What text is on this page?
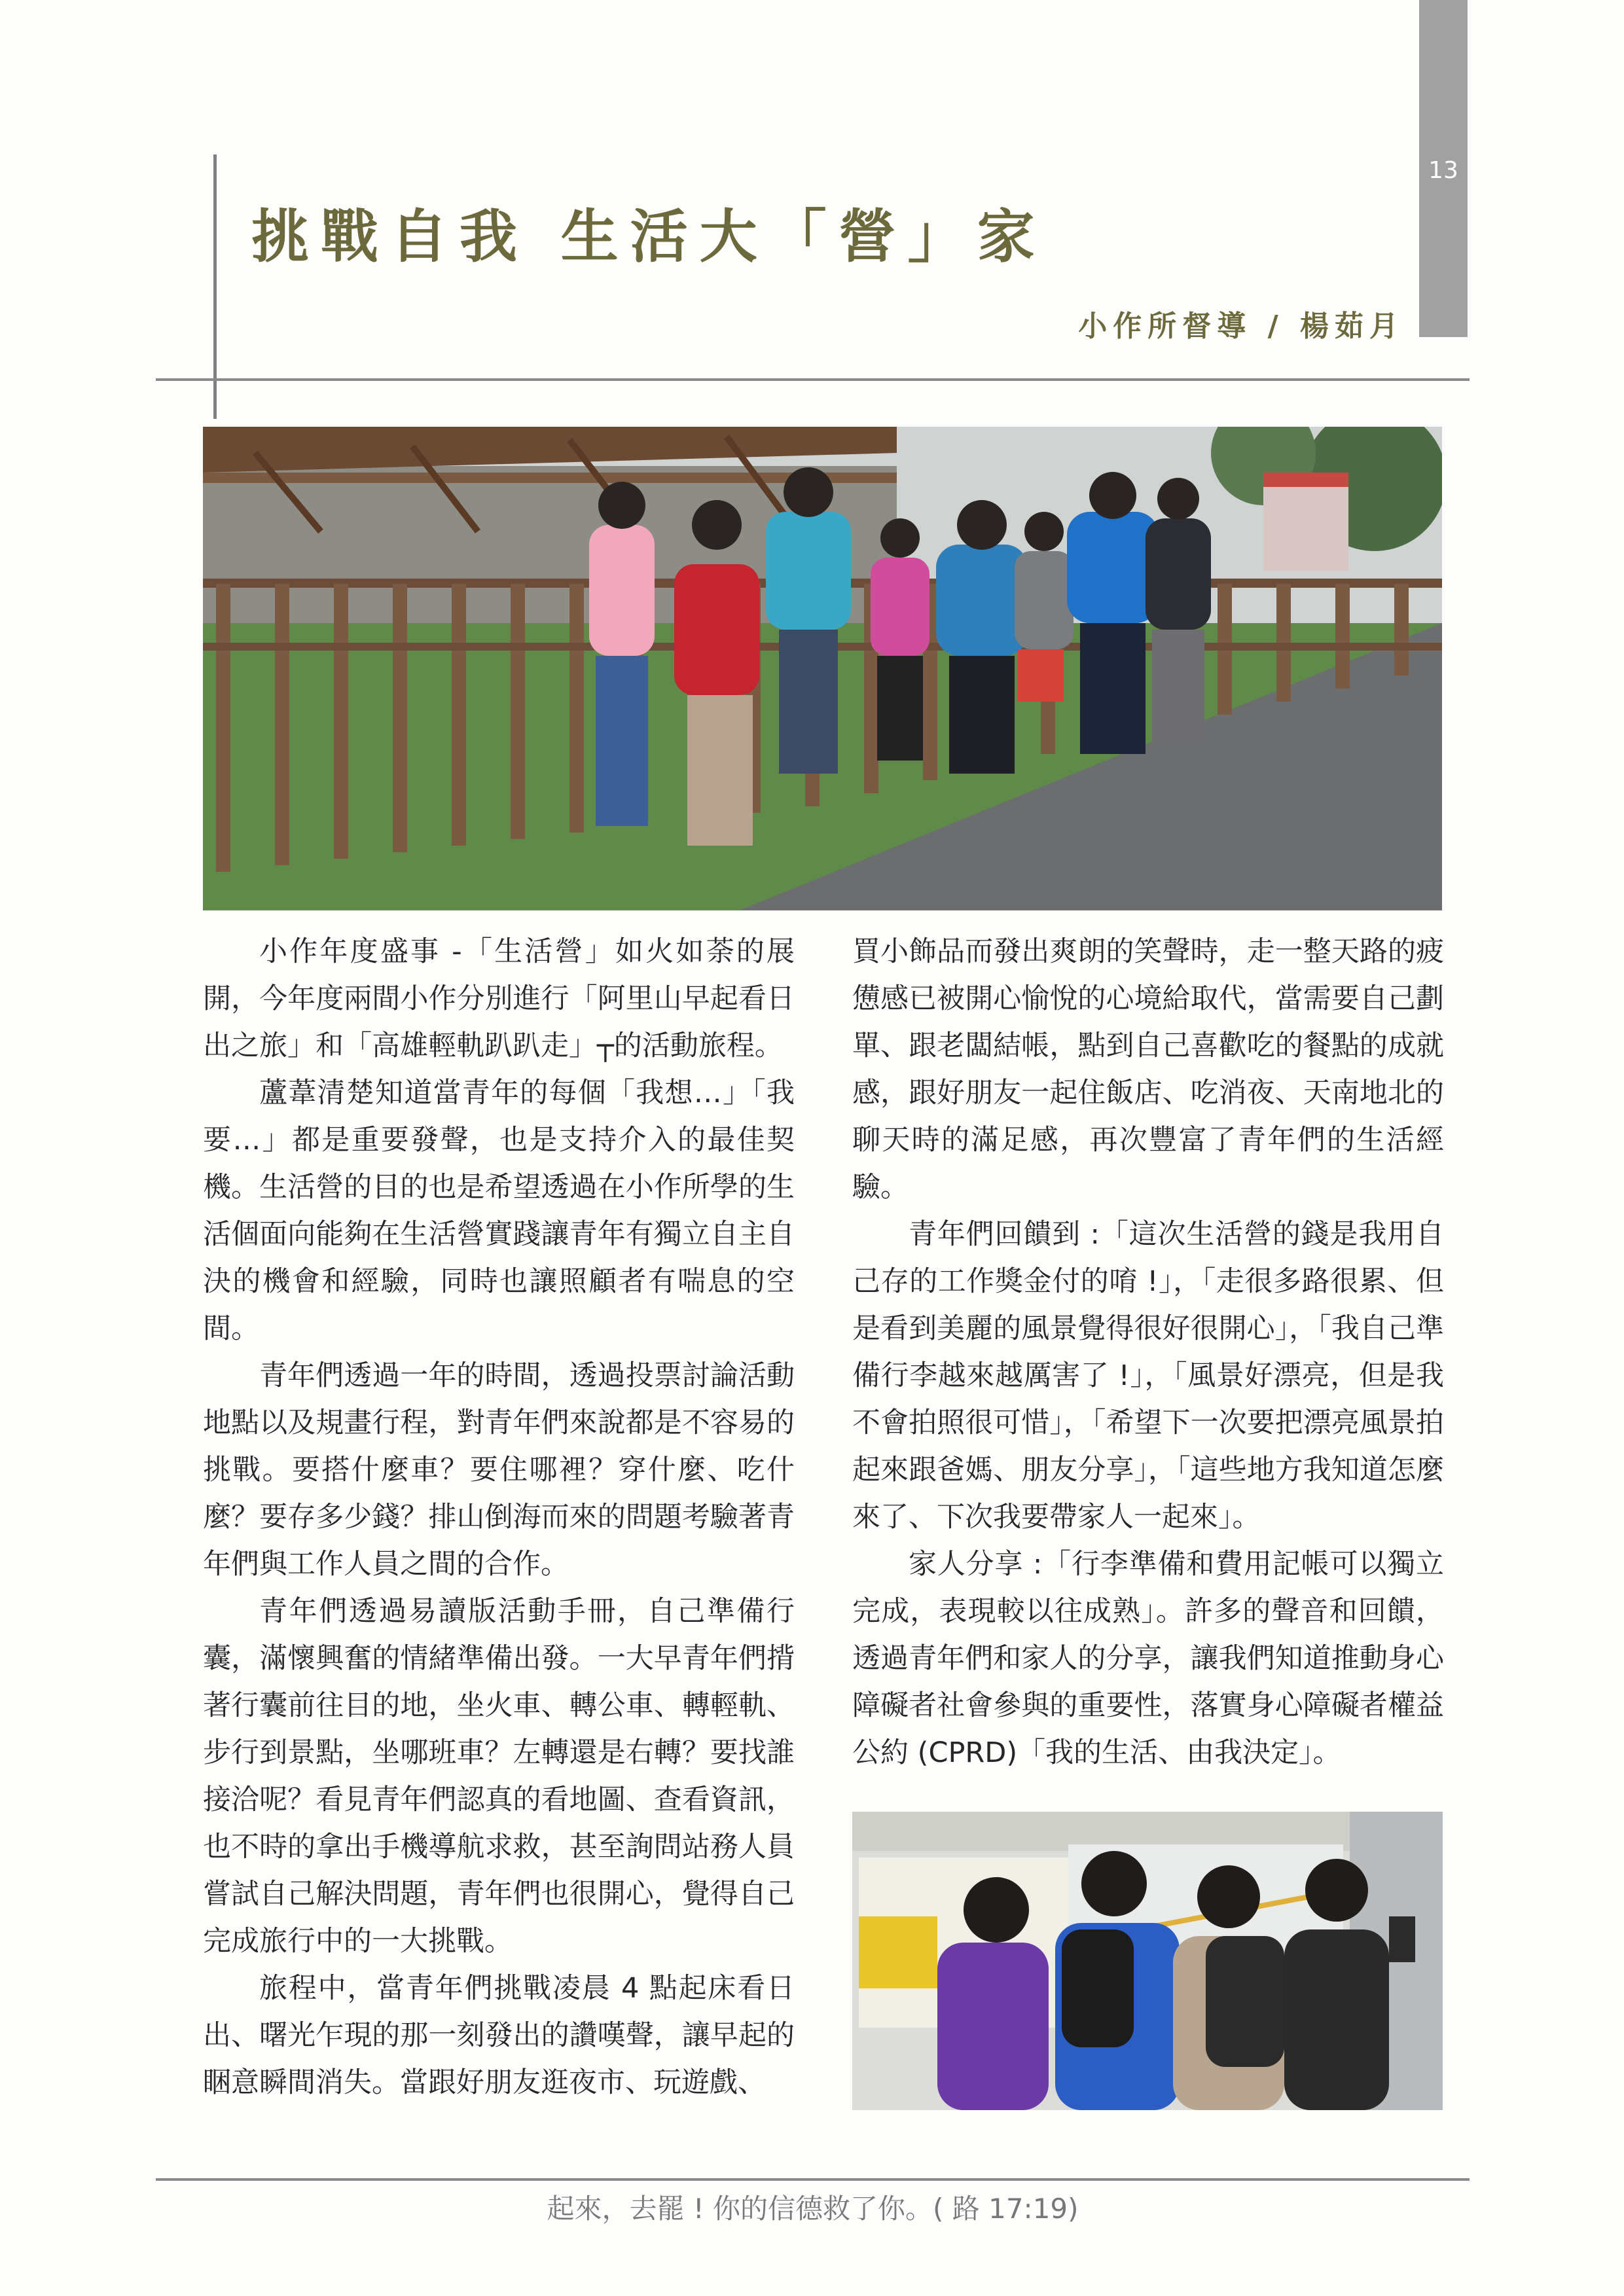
13
挑戰自我 生活大「營」家
小作所督導 / 楊茹月

小作年度盛事 -「生活營」如火如荼的展開，今年度兩間小作分別進行「阿里山早起看日出之旅」和「高雄輕軌趴趴走」┬的活動旅程。

蘆葦清楚知道當青年的每個「我想…」「我要…」都是重要發聲，也是支持介入的最佳契機。生活營的目的也是希望透過在小作所學的生活個面向能夠在生活營實踐讓青年有獨立自主自決的機會和經驗，同時也讓照顧者有喘息的空間。

青年們透過一年的時間，透過投票討論活動地點以及規畫行程，對青年們來說都是不容易的挑戰。要搭什麼車？要住哪裡？穿什麼、吃什麼？要存多少錢？排山倒海而來的問題考驗著青年們與工作人員之間的合作。

青年們透過易讀版活動手冊，自己準備行囊，滿懷興奮的情緒準備出發。一大早青年們揹著行囊前往目的地，坐火車、轉公車、轉輕軌、步行到景點，坐哪班車？左轉還是右轉？要找誰接洽呢？看見青年們認真的看地圖、查看資訊，也不時的拿出手機導航求救，甚至詢問站務人員嘗試自己解決問題，青年們也很開心，覺得自己完成旅行中的一大挑戰。

旅程中，當青年們挑戰凌晨 4 點起床看日出、曙光乍現的那一刻發出的讚嘆聲，讓早起的睏意瞬間消失。當跟好朋友逛夜市、玩遊戲、

買小飾品而發出爽朗的笑聲時，走一整天路的疲憊感已被開心愉悅的心境給取代，當需要自己劃單、跟老闆結帳，點到自己喜歡吃的餐點的成就感，跟好朋友一起住飯店、吃消夜、天南地北的聊天時的滿足感，再次豐富了青年們的生活經驗。

青年們回饋到 :「這次生活營的錢是我用自己存的工作獎金付的唷 !」，「走很多路很累、但是看到美麗的風景覺得很好很開心」，「我自己準備行李越來越厲害了 !」，「風景好漂亮，但是我不會拍照很可惜」，「希望下一次要把漂亮風景拍起來跟爸媽、朋友分享」，「這些地方我知道怎麼來了、下次我要帶家人一起來」。

家人分享 :「行李準備和費用記帳可以獨立完成，表現較以往成熟」。許多的聲音和回饋，透過青年們和家人的分享，讓我們知道推動身心障礙者社會參與的重要性，落實身心障礙者權益公約 (CPRD)「我的生活、由我決定」。

起來，去罷 ! 你的信德救了你。( 路 17:19)
